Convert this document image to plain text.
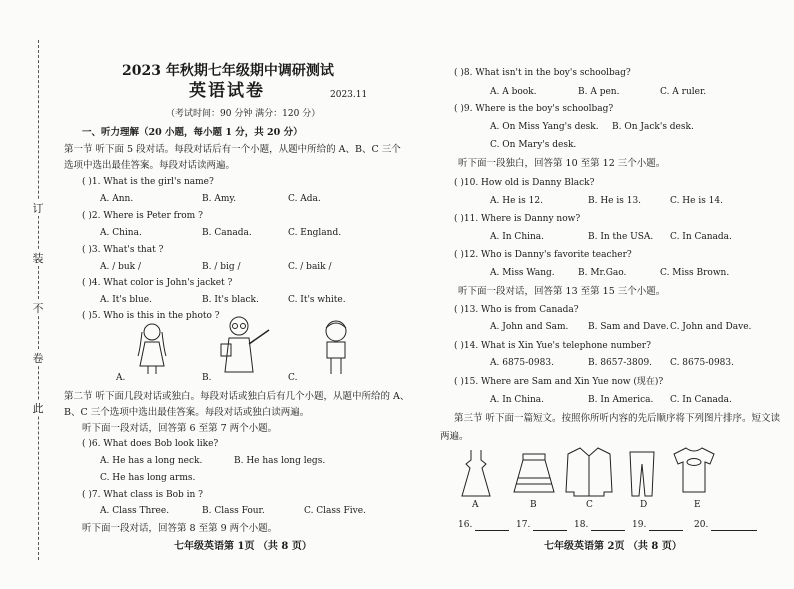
订
装
不
卷
此
2023 年秋期七年级期中调研测试
英语试卷	2023.11
（考试时间：90 分钟 满分：120 分）
一、听力理解（20 小题，每小题 1 分，共 20 分）
第一节 听下面 5 段对话。每段对话后有一个小题，从题中所给的 A、B、C 三个
选项中选出最佳答案。每段对话读两遍。
( )1. What is the girl's name?
A. Ann.	B. Amy.	C. Ada.
( )2. Where is Peter from ?
A. China.	B. Canada.	C. England.
( )3. What's that ?
A. / buk /	B. / big /	C. / baik /
( )4. What color is John's jacket ?
A. It's blue.	B. It's black.	C. It's white.
( )5. Who is this in the photo ?
A.	B.	C.
第二节 听下面几段对话或独白。每段对话或独白后有几个小题，从题中所给的 A、
B、C 三个选项中选出最佳答案。每段对话或独白读两遍。
听下面一段对话，回答第 6 至第 7 两个小题。
( )6. What does Bob look like?
A. He has a long neck.	B. He has long legs.
C. He has long arms.
( )7. What class is Bob in ?
A. Class Three.	B. Class Four.	C. Class Five.
听下面一段对话，回答第 8 至第 9 两个小题。
七年级英语第 1页 （共 8 页）
( )8. What isn't in the boy's schoolbag?
A. A book.	B. A pen.	C. A ruler.
( )9. Where is the boy's schoolbag?
A. On Miss Yang's desk. B. On Jack's desk.
C. On Mary's desk.
听下面一段独白，回答第 10 至第 12 三个小题。
( )10. How old is Danny Black?
A. He is 12.	B. He is 13.	C. He is 14.
( )11. Where is Danny now?
A. In China.	B. In the USA. C. In Canada.
( )12. Who is Danny's favorite teacher?
A. Miss Wang.	B. Mr.Gao.	C. Miss Brown.
听下面一段对话，回答第 13 至第 15 三个小题。
( )13. Who is from Canada?
A. John and Sam. B. Sam and Dave. C. John and Dave.
( )14. What is Xin Yue's telephone number?
A. 6875-0983.	B. 8657-3809. C. 8675-0983.
( )15. Where are Sam and Xin Yue now (现在)?
A. In China.	B. In America. C. In Canada.
第三节 听下面一篇短文。按照你所听内容的先后顺序将下列图片排序。短文读
两遍。
A	B	C	D	E
16.	17.	18.	19.	20.
七年级英语第 2页 （共 8 页）
